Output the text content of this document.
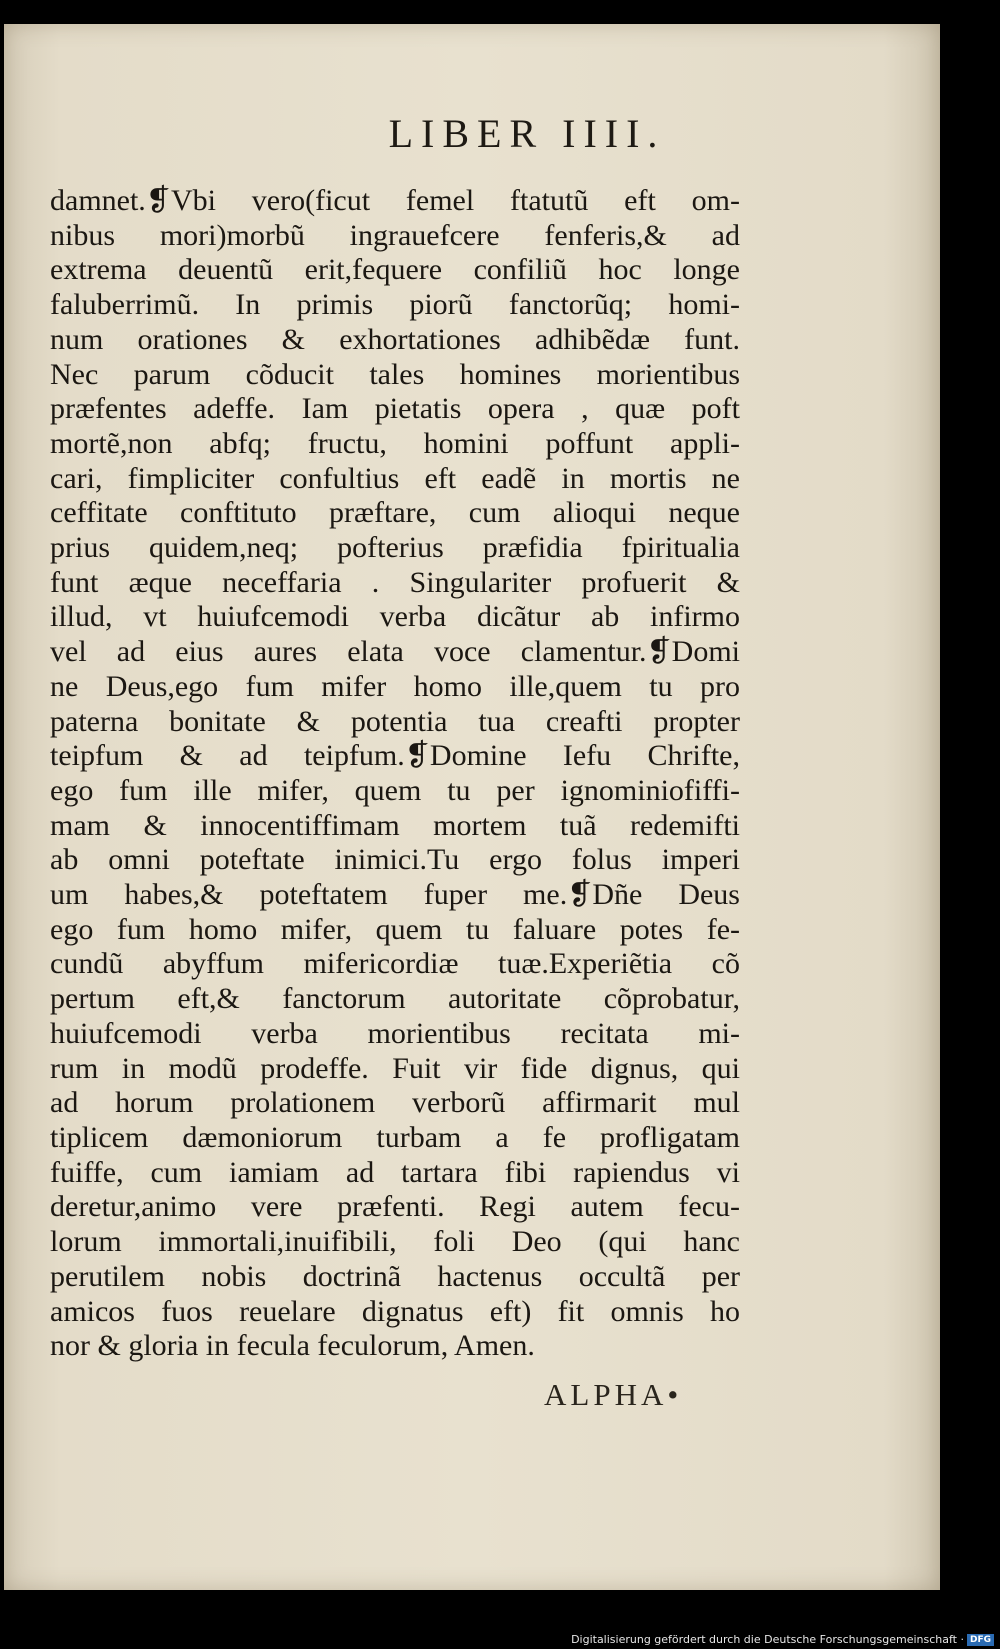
LIBER IIII.
damnet.❡Vbi vero(ficut femel ftatutũ eft om-
nibus mori)morbũ ingrauefcere fenferis,& ad
extrema deuentũ erit,fequere confiliũ hoc longe
faluberrimũ. In primis piorũ fanctorũq; homi-
num orationes & exhortationes adhibẽdæ funt.
Nec parum cõducit tales homines morientibus
præfentes adeffe. Iam pietatis opera , quæ poft
mortẽ,non abfq; fructu, homini poffunt appli-
cari, fimpliciter confultius eft eadẽ in mortis ne
ceffitate conftituto præftare, cum alioqui neque
prius quidem,neq; pofterius præfidia fpiritualia
funt æque neceffaria . Singulariter profuerit &
illud, vt huiufcemodi verba dicãtur ab infirmo
vel ad eius aures elata voce clamentur.❡Domi
ne Deus,ego fum mifer homo ille,quem tu pro
paterna bonitate & potentia tua creafti propter
teipfum & ad teipfum.❡Domine Iefu Chrifte,
ego fum ille mifer, quem tu per ignominiofiffi-
mam & innocentiffimam mortem tuã redemifti
ab omni poteftate inimici.Tu ergo folus imperi
um habes,& poteftatem fuper me.❡Dñe Deus
ego fum homo mifer, quem tu faluare potes fe-
cundũ abyffum mifericordiæ tuæ.Experiẽtia cõ
pertum eft,& fanctorum autoritate cõprobatur,
huiufcemodi verba morientibus recitata mi-
rum in modũ prodeffe. Fuit vir fide dignus, qui
ad horum prolationem verborũ affirmarit mul
tiplicem dæmoniorum turbam a fe profligatam
fuiffe, cum iamiam ad tartara fibi rapiendus vi
deretur,animo vere præfenti. Regi autem fecu-
lorum immortali,inuifibili, foli Deo (qui hanc
perutilem nobis doctrinã hactenus occultã per
amicos fuos reuelare dignatus eft) fit omnis ho
nor & gloria in fecula feculorum, Amen.
ALPHA•
Digitalisierung gefördert durch die Deutsche Forschungsgemeinschaft · DFG
